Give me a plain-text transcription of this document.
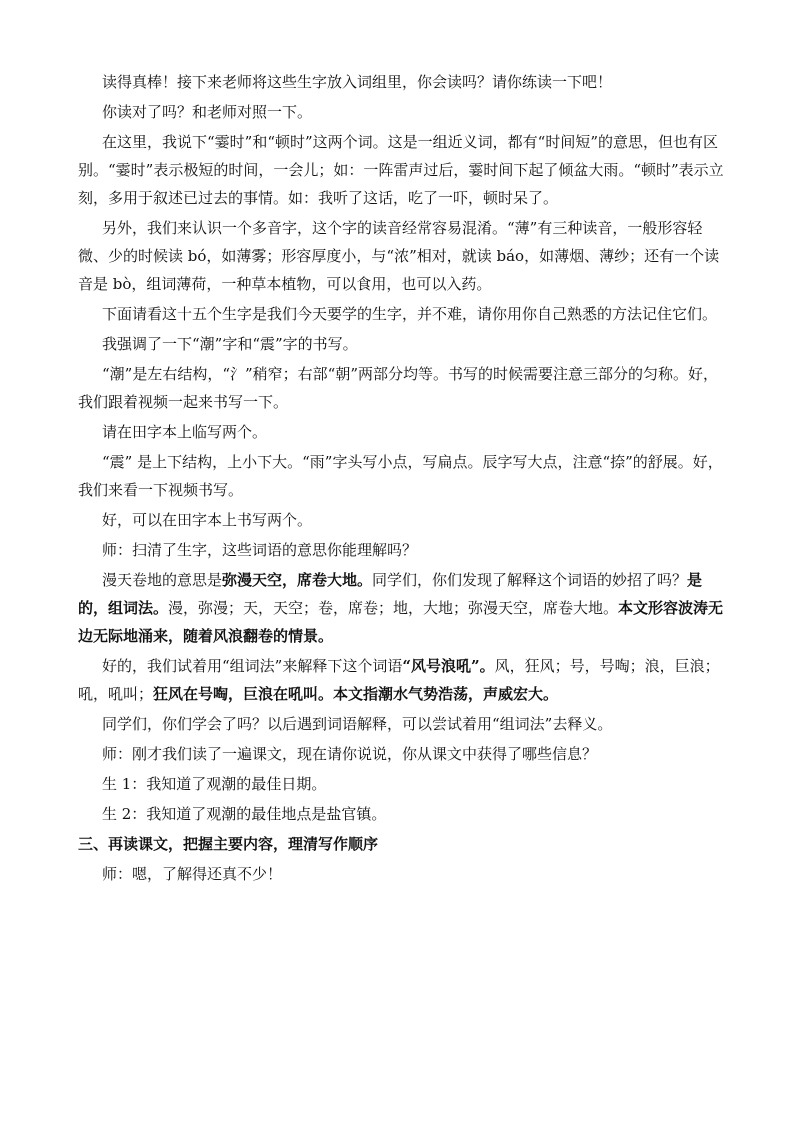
读得真棒！接下来老师将这些生字放入词组里，你会读吗？请你练读一下吧！

你读对了吗？和老师对照一下。

在这里，我说下“霎时”和“顿时”这两个词。这是一组近义词，都有“时间短”的意思，但也有区别。“霎时”表示极短的时间，一会儿；如：一阵雷声过后，霎时间下起了倾盆大雨。“顿时”表示立刻，多用于叙述已过去的事情。如：我听了这话，吃了一吓，顿时呆了。

另外，我们来认识一个多音字，这个字的读音经常容易混淆。“薄”有三种读音，一般形容轻微、少的时候读 bó，如薄雾；形容厚度小，与“浓”相对，就读 báo，如薄烟、薄纱；还有一个读音是 bò，组词薄荷，一种草本植物，可以食用，也可以入药。

下面请看这十五个生字是我们今天要学的生字，并不难，请你用你自己熟悉的方法记住它们。

我强调了一下“潮”字和“震”字的书写。

“潮”是左右结构，“氵”稍窄；右部“朝”两部分均等。书写的时候需要注意三部分的匀称。好，我们跟着视频一起来书写一下。

请在田字本上临写两个。

“震” 是上下结构，上小下大。“雨”字头写小点，写扁点。辰字写大点，注意“捺”的舒展。好，我们来看一下视频书写。

好，可以在田字本上书写两个。

师：扫清了生字，这些词语的意思你能理解吗？

漫天卷地的意思是弥漫天空，席卷大地。同学们，你们发现了解释这个词语的妙招了吗？是的，组词法。漫，弥漫；天，天空；卷，席卷；地，大地；弥漫天空，席卷大地。本文形容波涛无边无际地涌来，随着风浪翻卷的情景。

好的，我们试着用“组词法”来解释下这个词语“风号浪吼”。风，狂风；号，号啕；浪，巨浪；吼，吼叫；狂风在号啕，巨浪在吼叫。本文指潮水气势浩荡，声威宏大。

同学们，你们学会了吗？以后遇到词语解释，可以尝试着用“组词法”去释义。

师：刚才我们读了一遍课文，现在请你说说，你从课文中获得了哪些信息？

生 1：我知道了观潮的最佳日期。

生 2：我知道了观潮的最佳地点是盐官镇。

三、再读课文，把握主要内容，理清写作顺序

师：嗯，了解得还真不少！
